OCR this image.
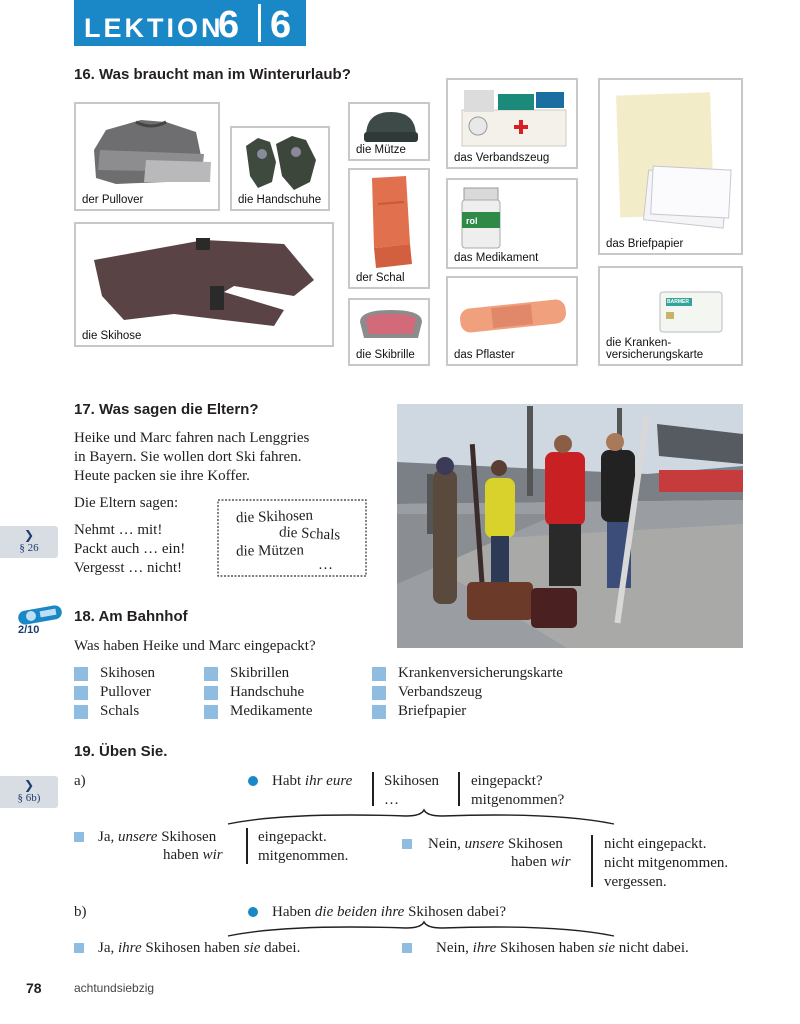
LEKTION
6 6
16. Was braucht man im Winterurlaub?
der Pullover	die Handschuhe
die Mütze
das Verbandszeug
das Briefpapier
der Schal
rol
das Medikament
die Skihose
die Skibrille	das Pflaster
BARMER
die Kranken-
versicherungskarte
17. Was sagen die Eltern?
Heike und Marc fahren nach Lenggries
in Bayern. Sie wollen dort Ski fahren.
Heute packen sie ihre Koffer.
Die Eltern sagen:
Nehmt … mit!
Packt auch … ein!
Vergesst … nicht!
die Skihosen
die Schals
die Mützen
…
❯
§ 26
2/10
18. Am Bahnhof
Was haben Heike und Marc eingepackt?
Skihosen
Pullover
Schals
Skibrillen
Handschuhe
Medikamente
Krankenversicherungskarte
Verbandszeug
Briefpapier
19. Üben Sie.
❯
§ 6b)
a)	Habt ihr eure Skihosen
…
eingepackt?
mitgenommen?
Ja, unsere Skihosen
haben wir
eingepackt.
mitgenommen.
Nein, unsere Skihosen
haben wir
nicht eingepackt.
nicht mitgenommen.
vergessen.
b)	Haben die beiden ihre Skihosen dabei?
Ja, ihre Skihosen haben sie dabei.	Nein, ihre Skihosen haben sie nicht dabei.
78	achtundsiebzig
